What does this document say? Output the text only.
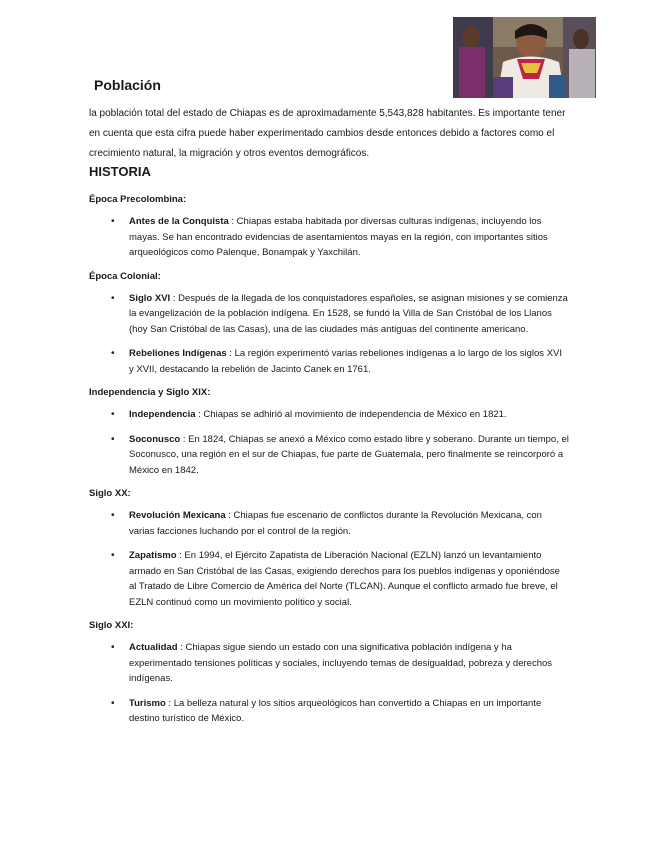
Población

la población total del estado de Chiapas es de aproximadamente 5,543,828 habitantes. Es importante tener en cuenta que esta cifra puede haber experimentado cambios desde entonces debido a factores como el crecimiento natural, la migración y otros eventos demográficos.

HISTORIA
Época Precolombina:
• Antes de la Conquista : Chiapas estaba habitada por diversas culturas indígenas, incluyendo los mayas. Se han encontrado evidencias de asentamientos mayas en la región, con importantes sitios arqueológicos como Palenque, Bonampak y Yaxchilán.
Época Colonial:
• Siglo XVI : Después de la llegada de los conquistadores españoles, se asignan misiones y se comienza la evangelización de la población indígena. En 1528, se fundó la Villa de San Cristóbal de los Llanos (hoy San Cristóbal de las Casas), una de las ciudades más antiguas del continente americano.
• Rebeliones Indígenas : La región experimentó varias rebeliones indígenas a lo largo de los siglos XVI y XVII, destacando la rebelión de Jacinto Canek en 1761.
Independencia y Siglo XIX:
• Independencia : Chiapas se adhirió al movimiento de independencia de México en 1821.
• Soconusco : En 1824, Chiapas se anexó a México como estado libre y soberano. Durante un tiempo, el Soconusco, una región en el sur de Chiapas, fue parte de Guatemala, pero finalmente se reincorporó a México en 1842.
Siglo XX:
• Revolución Mexicana : Chiapas fue escenario de conflictos durante la Revolución Mexicana, con varias facciones luchando por el control de la región.
• Zapatismo : En 1994, el Ejército Zapatista de Liberación Nacional (EZLN) lanzó un levantamiento armado en San Cristóbal de las Casas, exigiendo derechos para los pueblos indígenas y oponiéndose al Tratado de Libre Comercio de América del Norte (TLCAN). Aunque el conflicto armado fue breve, el EZLN continuó como un movimiento político y social.
Siglo XXI:
• Actualidad : Chiapas sigue siendo un estado con una significativa población indígena y ha experimentado tensiones políticas y sociales, incluyendo temas de desigualdad, pobreza y derechos indígenas.
• Turismo : La belleza natural y los sitios arqueológicos han convertido a Chiapas en un importante destino turístico de México.
